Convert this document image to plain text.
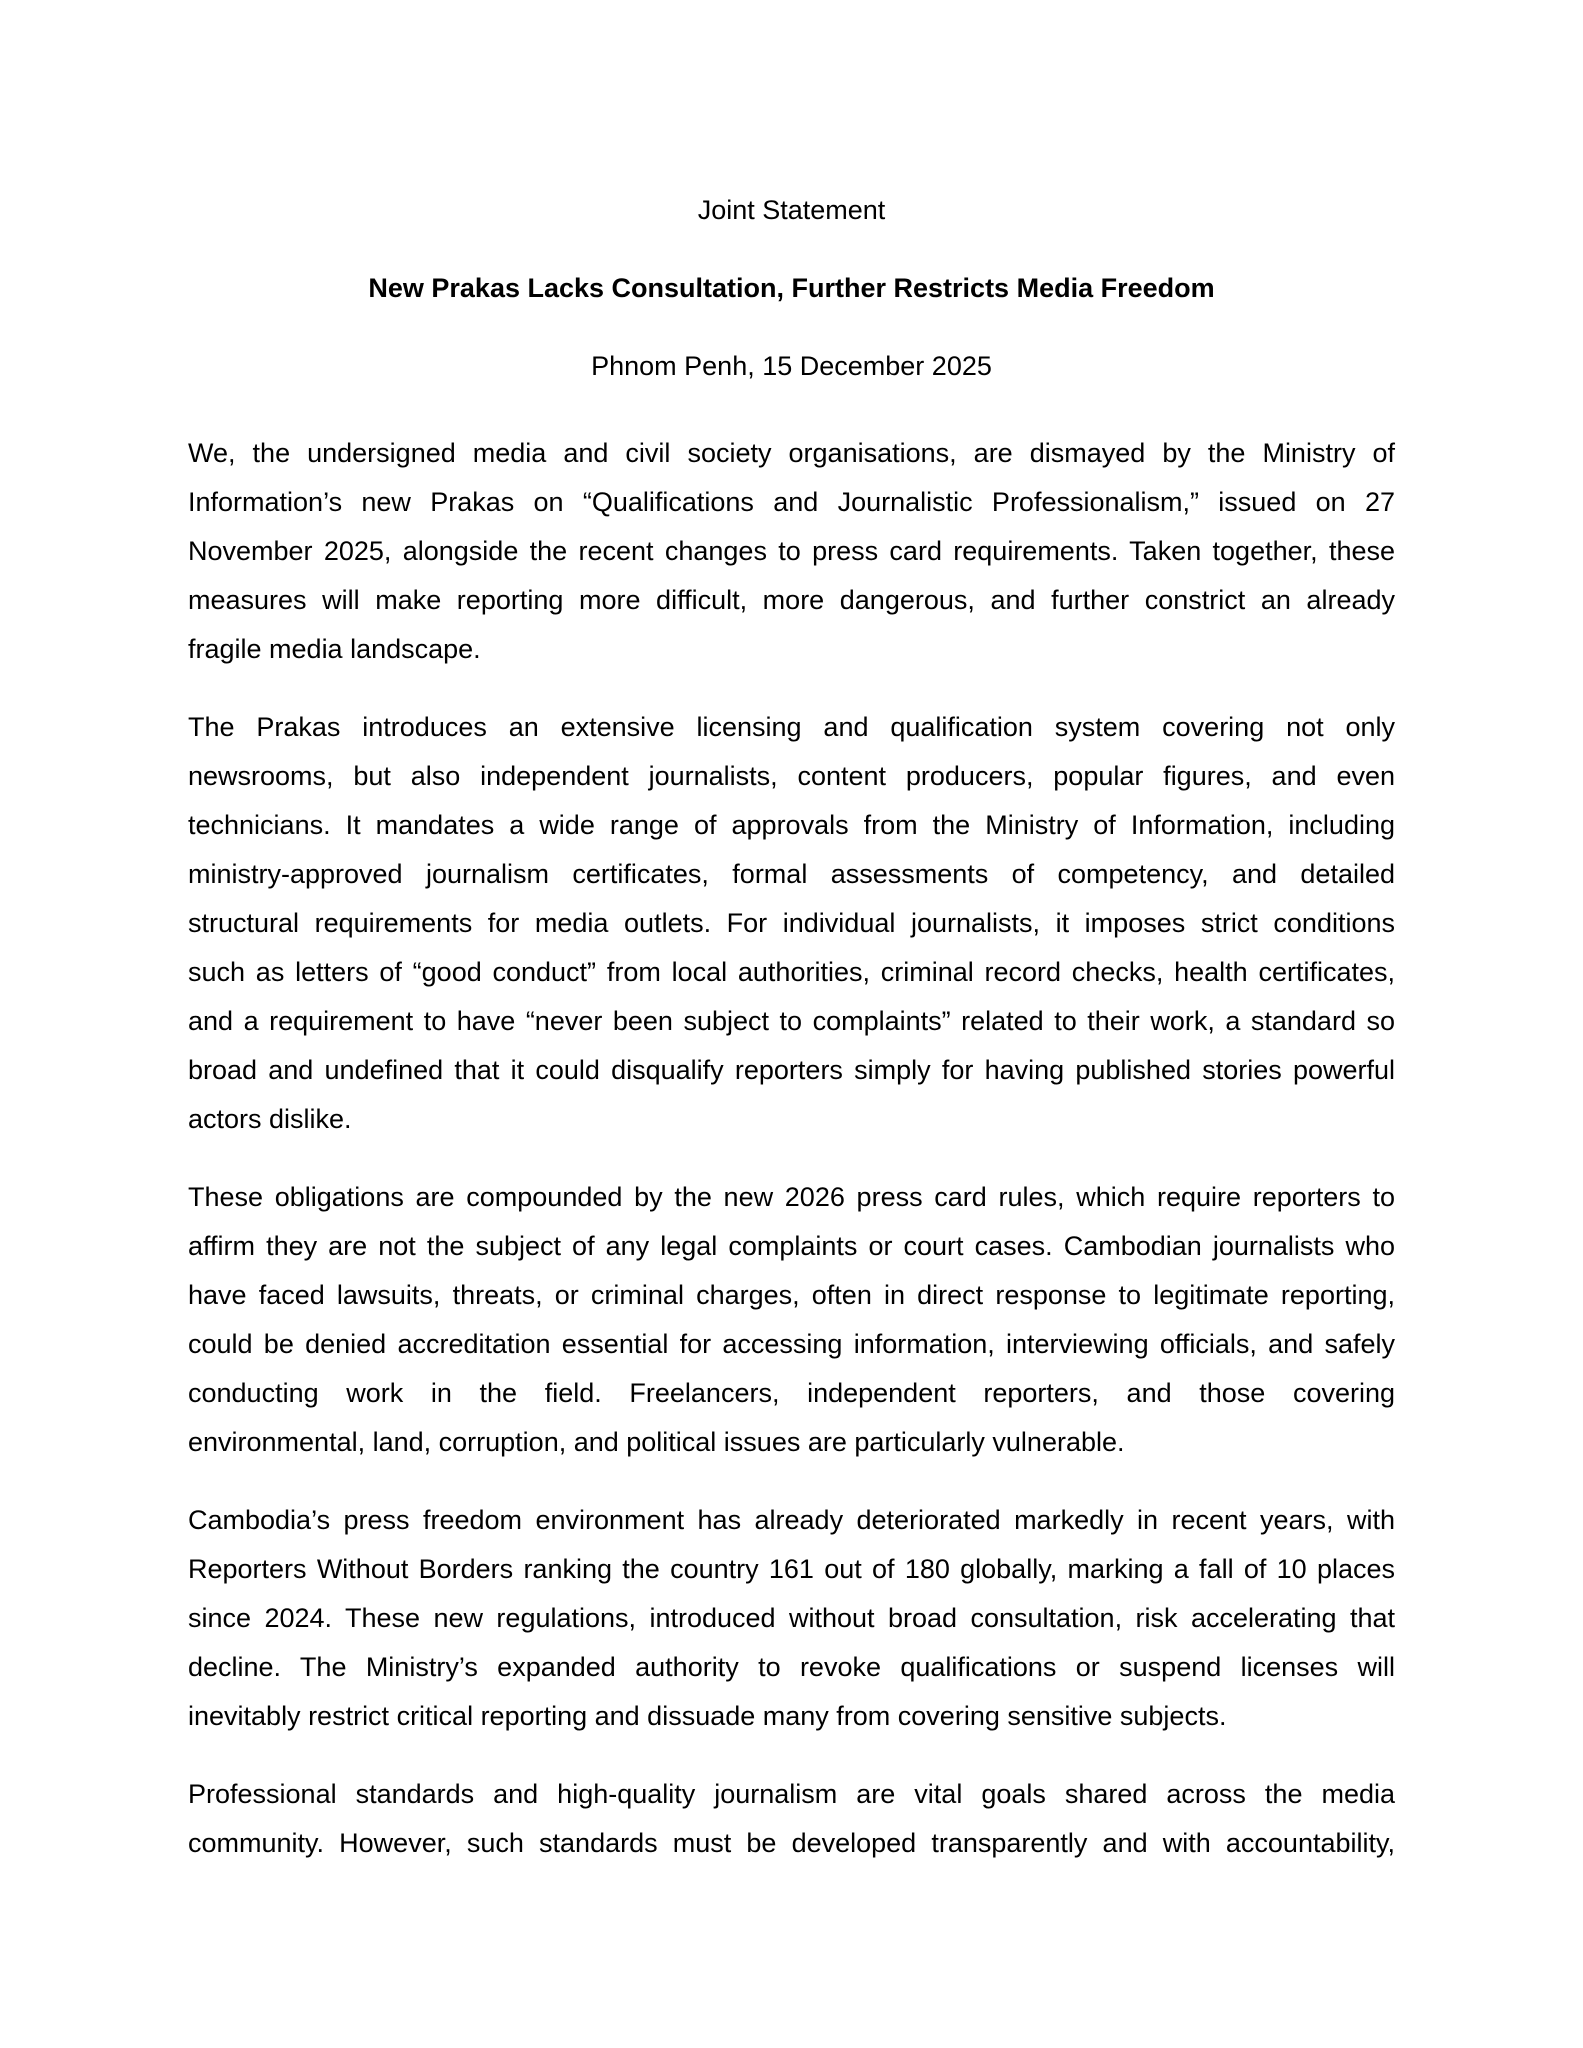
Joint Statement
New Prakas Lacks Consultation, Further Restricts Media Freedom
Phnom Penh, 15 December 2025
We, the undersigned media and civil society organisations, are dismayed by the Ministry of
Information’s new Prakas on “Qualifications and Journalistic Professionalism,” issued on 27
November 2025, alongside the recent changes to press card requirements. Taken together, these
measures will make reporting more difficult, more dangerous, and further constrict an already
fragile media landscape.
The Prakas introduces an extensive licensing and qualification system covering not only
newsrooms, but also independent journalists, content producers, popular figures, and even
technicians. It mandates a wide range of approvals from the Ministry of Information, including
ministry-approved journalism certificates, formal assessments of competency, and detailed
structural requirements for media outlets. For individual journalists, it imposes strict conditions
such as letters of “good conduct” from local authorities, criminal record checks, health certificates,
and a requirement to have “never been subject to complaints” related to their work, a standard so
broad and undefined that it could disqualify reporters simply for having published stories powerful
actors dislike.
These obligations are compounded by the new 2026 press card rules, which require reporters to
affirm they are not the subject of any legal complaints or court cases. Cambodian journalists who
have faced lawsuits, threats, or criminal charges, often in direct response to legitimate reporting,
could be denied accreditation essential for accessing information, interviewing officials, and safely
conducting work in the field. Freelancers, independent reporters, and those covering
environmental, land, corruption, and political issues are particularly vulnerable.
Cambodia’s press freedom environment has already deteriorated markedly in recent years, with
Reporters Without Borders ranking the country 161 out of 180 globally, marking a fall of 10 places
since 2024. These new regulations, introduced without broad consultation, risk accelerating that
decline. The Ministry’s expanded authority to revoke qualifications or suspend licenses will
inevitably restrict critical reporting and dissuade many from covering sensitive subjects.
Professional standards and high-quality journalism are vital goals shared across the media
community. However, such standards must be developed transparently and with accountability,
